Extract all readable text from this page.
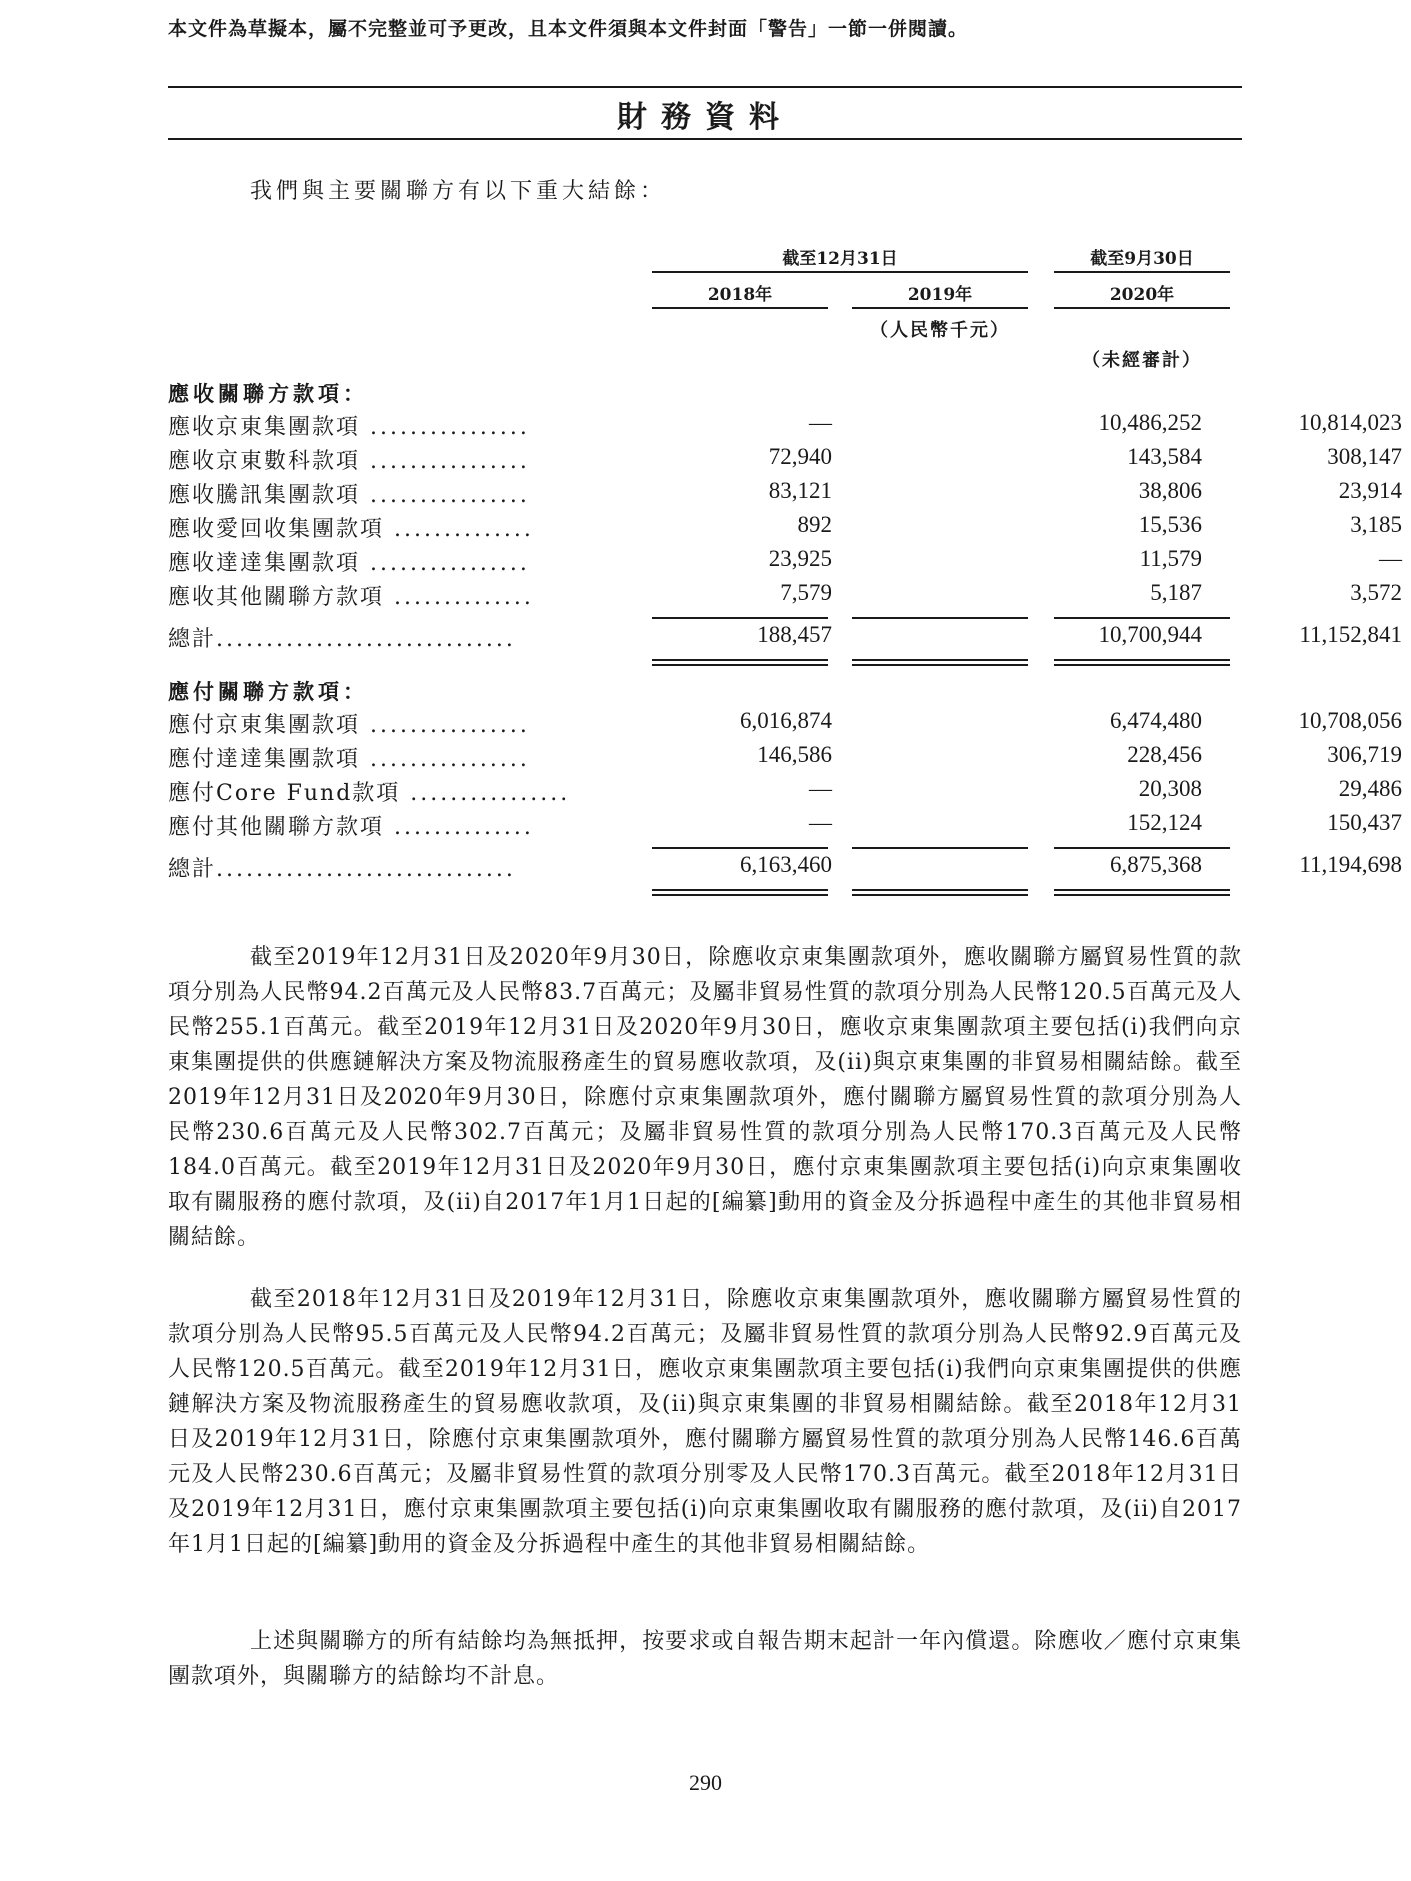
本文件為草擬本，屬不完整並可予更改，且本文件須與本文件封面「警告」一節一併閱讀。
財務資料
我們與主要關聯方有以下重大結餘：
截至12月31日	截至9月30日
2018年	2019年	2020年
（人民幣千元）
（未經審計）
應收關聯方款項：
應收京東集團款項 ................	—	10,486,252	10,814,023
應收京東數科款項 ................	72,940	143,584	308,147
應收騰訊集團款項 ................	83,121	38,806	23,914
應收愛回收集團款項 ..............	892	15,536	3,185
應收達達集團款項 ................	23,925	11,579	—
應收其他關聯方款項 ..............	7,579	5,187	3,572
總計..............................	188,457	10,700,944	11,152,841
應付關聯方款項：
應付京東集團款項 ................	6,016,874	6,474,480	10,708,056
應付達達集團款項 ................	146,586	228,456	306,719
應付Core Fund款項 ................	—	20,308	29,486
應付其他關聯方款項 ..............	—	152,124	150,437
總計..............................	6,163,460	6,875,368	11,194,698
截至2019年12月31日及2020年9月30日，除應收京東集團款項外，應收關聯方屬貿易性質的款項分別為人民幣94.2百萬元及人民幣83.7百萬元；及屬非貿易性質的款項分別為人民幣120.5百萬元及人民幣255.1百萬元。截至2019年12月31日及2020年9月30日，應收京東集團款項主要包括(i)我們向京東集團提供的供應鏈解決方案及物流服務產生的貿易應收款項，及(ii)與京東集團的非貿易相關結餘。截至2019年12月31日及2020年9月30日，除應付京東集團款項外，應付關聯方屬貿易性質的款項分別為人民幣230.6百萬元及人民幣302.7百萬元；及屬非貿易性質的款項分別為人民幣170.3百萬元及人民幣184.0百萬元。截至2019年12月31日及2020年9月30日，應付京東集團款項主要包括(i)向京東集團收取有關服務的應付款項，及(ii)自2017年1月1日起的[編纂]動用的資金及分拆過程中產生的其他非貿易相關結餘。
截至2018年12月31日及2019年12月31日，除應收京東集團款項外，應收關聯方屬貿易性質的款項分別為人民幣95.5百萬元及人民幣94.2百萬元；及屬非貿易性質的款項分別為人民幣92.9百萬元及人民幣120.5百萬元。截至2019年12月31日，應收京東集團款項主要包括(i)我們向京東集團提供的供應鏈解決方案及物流服務產生的貿易應收款項，及(ii)與京東集團的非貿易相關結餘。截至2018年12月31日及2019年12月31日，除應付京東集團款項外，應付關聯方屬貿易性質的款項分別為人民幣146.6百萬元及人民幣230.6百萬元；及屬非貿易性質的款項分別零及人民幣170.3百萬元。截至2018年12月31日及2019年12月31日，應付京東集團款項主要包括(i)向京東集團收取有關服務的應付款項，及(ii)自2017年1月1日起的[編纂]動用的資金及分拆過程中產生的其他非貿易相關結餘。
上述與關聯方的所有結餘均為無抵押，按要求或自報告期末起計一年內償還。除應收／應付京東集團款項外，與關聯方的結餘均不計息。
290
